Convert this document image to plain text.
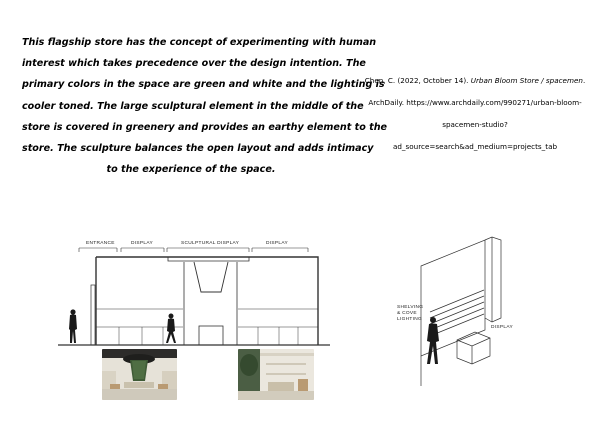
This flagship store has the concept of experimenting with human
interest which takes precedence over the design intention. The
primary colors in the space are green and white and the lighting is
cooler toned. The large sculptural element in the middle of the
store is covered in greenery and provides an earthy element to the
store. The sculpture balances the open layout and adds intimacy
to the experience of the space.
Chen, C. (2022, October 14). Urban Bloom Store / spacemen.
ArchDaily. https://www.archdaily.com/990271/urban-bloom-
spacemen-studio?
ad_source=search&ad_medium=projects_tab
ENTRANCE	DISPLAY	SCULPTURAL DISPLAY	DISPLAY
SHELVING
& COVE
LIGHTING
DISPLAY
